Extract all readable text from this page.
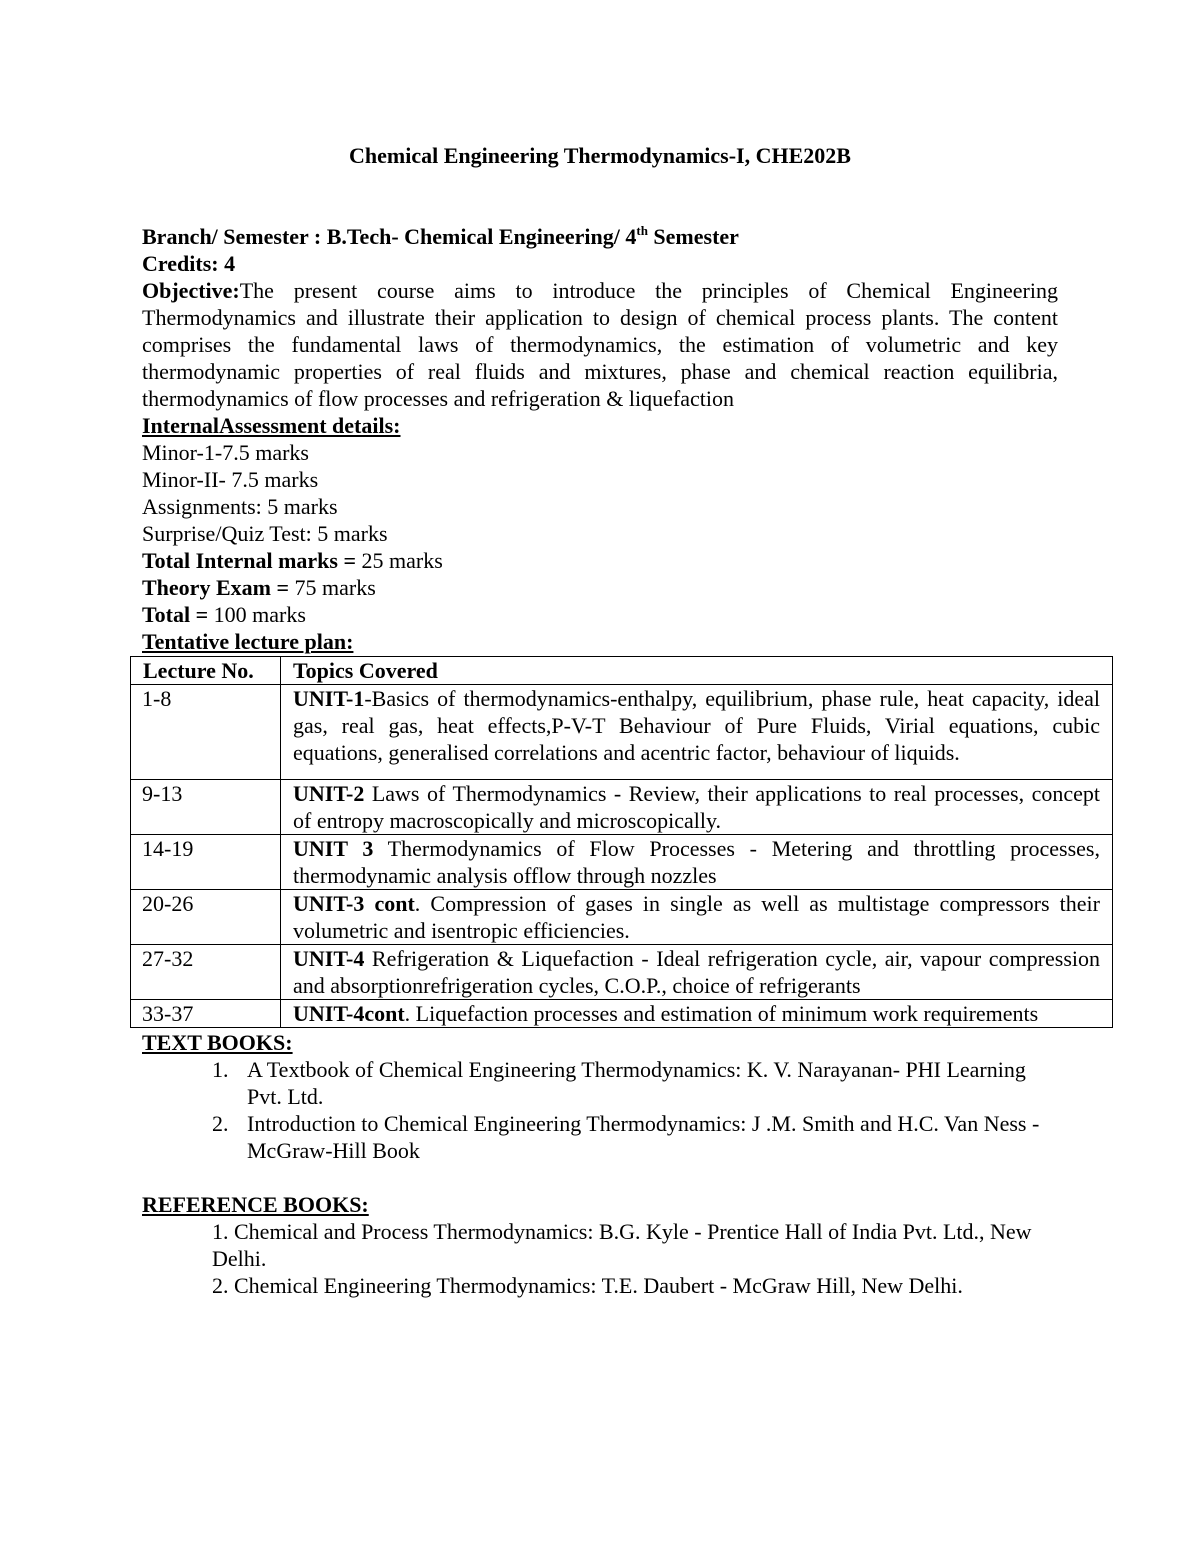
Chemical Engineering Thermodynamics-I, CHE202B
Branch/ Semester : B.Tech- Chemical Engineering/ 4th Semester
Credits: 4
Objective:The present course aims to introduce the principles of Chemical Engineering Thermodynamics and illustrate their application to design of chemical process plants. The content comprises the fundamental laws of thermodynamics, the estimation of volumetric and key thermodynamic properties of real fluids and mixtures, phase and chemical reaction equilibria, thermodynamics of flow processes and refrigeration & liquefaction
InternalAssessment details:
Minor-1-7.5 marks
Minor-II- 7.5 marks
Assignments: 5 marks
Surprise/Quiz Test: 5 marks
Total Internal marks = 25 marks
Theory Exam = 75 marks
Total = 100 marks
Tentative lecture plan:
Lecture No.	Topics Covered
1-8	UNIT-1-Basics of thermodynamics-enthalpy, equilibrium, phase rule, heat capacity, ideal gas, real gas, heat effects,P-V-T Behaviour of Pure Fluids, Virial equations, cubic equations, generalised correlations and acentric factor, behaviour of liquids.
9-13	UNIT-2 Laws of Thermodynamics - Review, their applications to real processes, concept of entropy macroscopically and microscopically.
14-19	UNIT 3 Thermodynamics of Flow Processes - Metering and throttling processes, thermodynamic analysis offlow through nozzles
20-26	UNIT-3 cont. Compression of gases in single as well as multistage compressors their volumetric and isentropic efficiencies.
27-32	UNIT-4 Refrigeration & Liquefaction - Ideal refrigeration cycle, air, vapour compression and absorptionrefrigeration cycles, C.O.P., choice of refrigerants
33-37	UNIT-4cont. Liquefaction processes and estimation of minimum work requirements
TEXT BOOKS:
1. A Textbook of Chemical Engineering Thermodynamics: K. V. Narayanan- PHI Learning Pvt. Ltd.
2. Introduction to Chemical Engineering Thermodynamics: J .M. Smith and H.C. Van Ness - McGraw-Hill Book
REFERENCE BOOKS:
1. Chemical and Process Thermodynamics: B.G. Kyle - Prentice Hall of India Pvt. Ltd., New Delhi.
2. Chemical Engineering Thermodynamics: T.E. Daubert - McGraw Hill, New Delhi.
